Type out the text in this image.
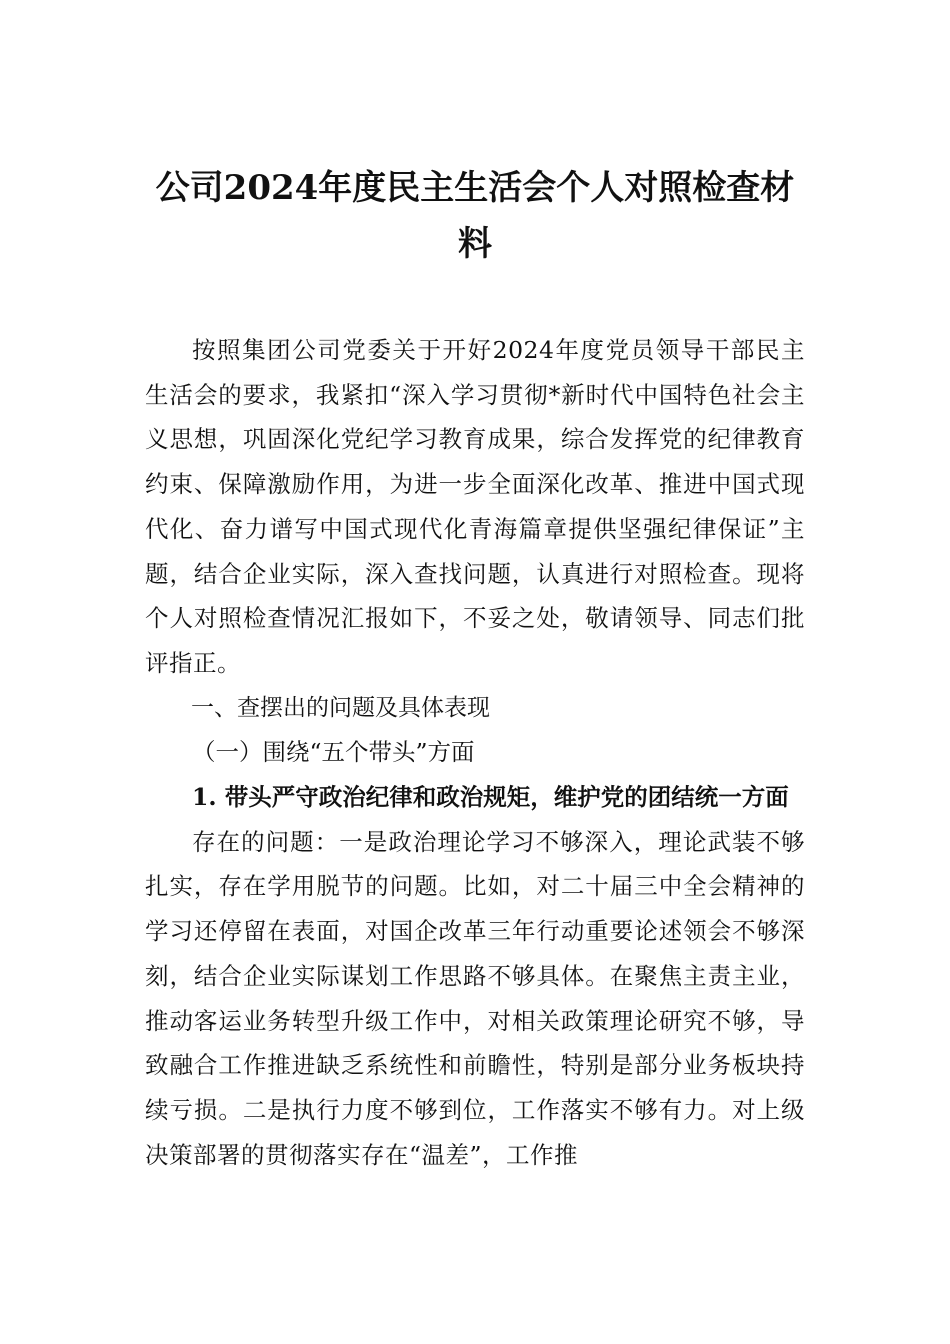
公司2024年度民主生活会个人对照检查材料

按照集团公司党委关于开好2024年度党员领导干部民主生活会的要求，我紧扣“深入学习贯彻*新时代中国特色社会主义思想，巩固深化党纪学习教育成果，综合发挥党的纪律教育约束、保障激励作用，为进一步全面深化改革、推进中国式现代化、奋力谱写中国式现代化青海篇章提供坚强纪律保证”主题，结合企业实际，深入查找问题，认真进行对照检查。现将个人对照检查情况汇报如下，不妥之处，敬请领导、同志们批评指正。

一、查摆出的问题及具体表现

（一）围绕“五个带头”方面

1. 带头严守政治纪律和政治规矩，维护党的团结统一方面

存在的问题：一是政治理论学习不够深入，理论武装不够扎实，存在学用脱节的问题。比如，对二十届三中全会精神的学习还停留在表面，对国企改革三年行动重要论述领会不够深刻，结合企业实际谋划工作思路不够具体。在聚焦主责主业，推动客运业务转型升级工作中，对相关政策理论研究不够，导致融合工作推进缺乏系统性和前瞻性，特别是部分业务板块持续亏损。二是执行力度不够到位，工作落实不够有力。对上级决策部署的贯彻落实存在“温差”，工作推
